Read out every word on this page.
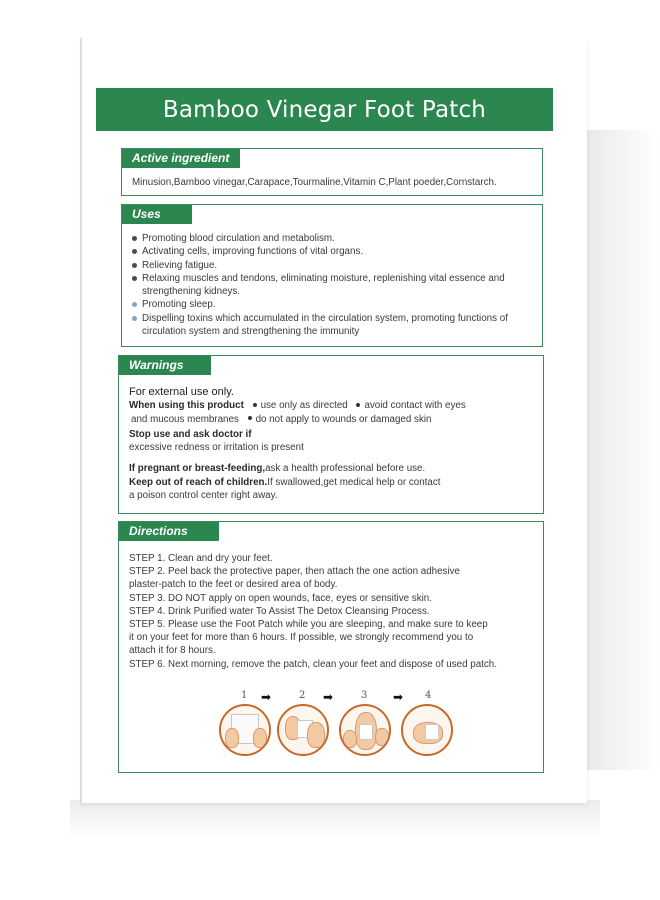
Bamboo Vinegar Foot Patch
Active ingredient
Minusion,Bamboo vinegar,Carapace,Tourmaline,Vitamin C,Plant poeder,Cornstarch.
Uses
Promoting blood circulation and metabolism.
Activating cells, improving functions of vital organs.
Relieving fatigue.
Relaxing muscles and tendons, eliminating moisture, replenishing vital essence and strengthening kidneys.
Promoting sleep.
Dispelling toxins which accumulated in the circulation system, promoting functions of circulation system and strengthening the immunity
Warnings
For external use only.
When using this product use only as directed avoid contact with eyes
and mucous membranes do not apply to wounds or damaged skin
Stop use and ask doctor if
excessive redness or irritation is present
If pregnant or breast-feeding,ask a health professional before use.
Keep out of reach of children.If swallowed,get medical help or contact
a poison control center right away.
Directions

STEP 1. Clean and dry your feet.

STEP 2. Peel back the protective paper, then attach the one action adhesive

plaster-patch to the feet or desired area of body.

STEP 3. DO NOT apply on open wounds, face, eyes or sensitive skin.

STEP 4. Drink Purified water To Assist The Detox Cleansing Process.

STEP 5. Please use the Foot Patch while you are sleeping, and make sure to keep

it on your feet for more than 6 hours. If possible, we strongly recommend you to

attach it for 8 hours.

STEP 6. Next morning, remove the patch, clean your feet and dispose of used patch.

1 ➡	2 ➡	3 ➡ 4
